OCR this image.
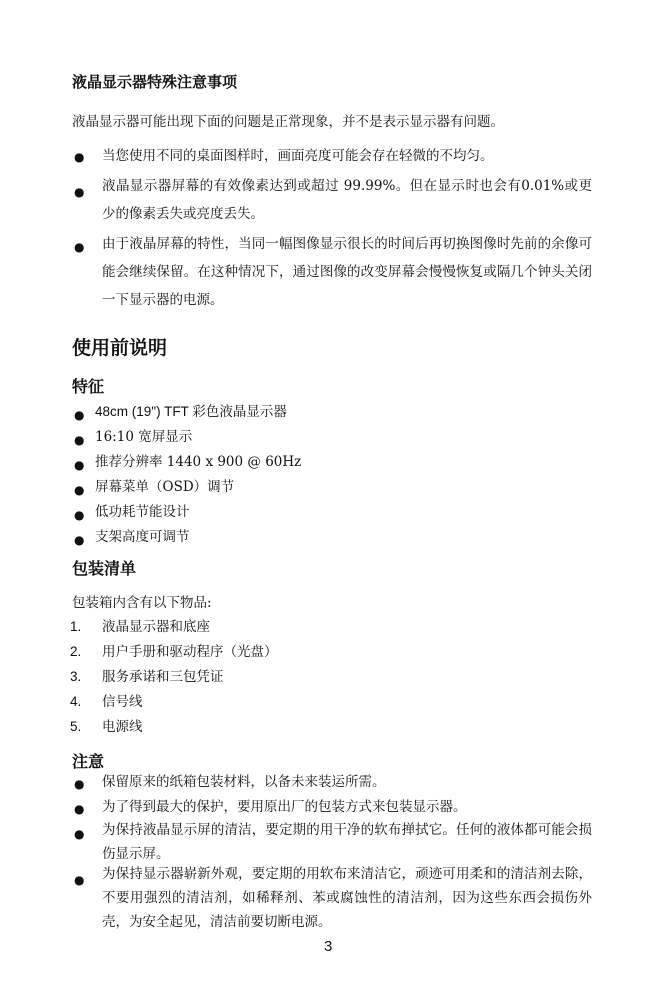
液晶显示器特殊注意事项
液晶显示器可能出现下面的问题是正常现象，并不是表示显示器有问题。
● 当您使用不同的桌面图样时，画面亮度可能会存在轻微的不均匀。
● 液晶显示器屏幕的有效像素达到或超过 99.99%。但在显示时也会有0.01%或更少的像素丢失或亮度丢失。
● 由于液晶屏幕的特性，当同一幅图像显示很长的时间后再切换图像时先前的余像可能会继续保留。在这种情况下，通过图像的改变屏幕会慢慢恢复或隔几个钟头关闭一下显示器的电源。
使用前说明
特征
● 48cm (19") TFT 彩色液晶显示器
● 16:10 宽屏显示
● 推荐分辨率 1440 x 900 @ 60Hz
● 屏幕菜单（OSD）调节
● 低功耗节能设计
● 支架高度可调节
包装清单
包装箱内含有以下物品:
1. 液晶显示器和底座
2. 用户手册和驱动程序（光盘）
3. 服务承诺和三包凭证
4. 信号线
5. 电源线
注意
● 保留原来的纸箱包装材料，以备未来装运所需。
● 为了得到最大的保护，要用原出厂的包装方式来包装显示器。
● 为保持液晶显示屏的清洁，要定期的用干净的软布掸拭它。任何的液体都可能会损伤显示屏。
● 为保持显示器崭新外观，要定期的用软布来清洁它，顽迹可用柔和的清洁剂去除，不要用强烈的清洁剂，如稀释剂、苯或腐蚀性的清洁剂，因为这些东西会损伤外壳，为安全起见，清洁前要切断电源。
3
